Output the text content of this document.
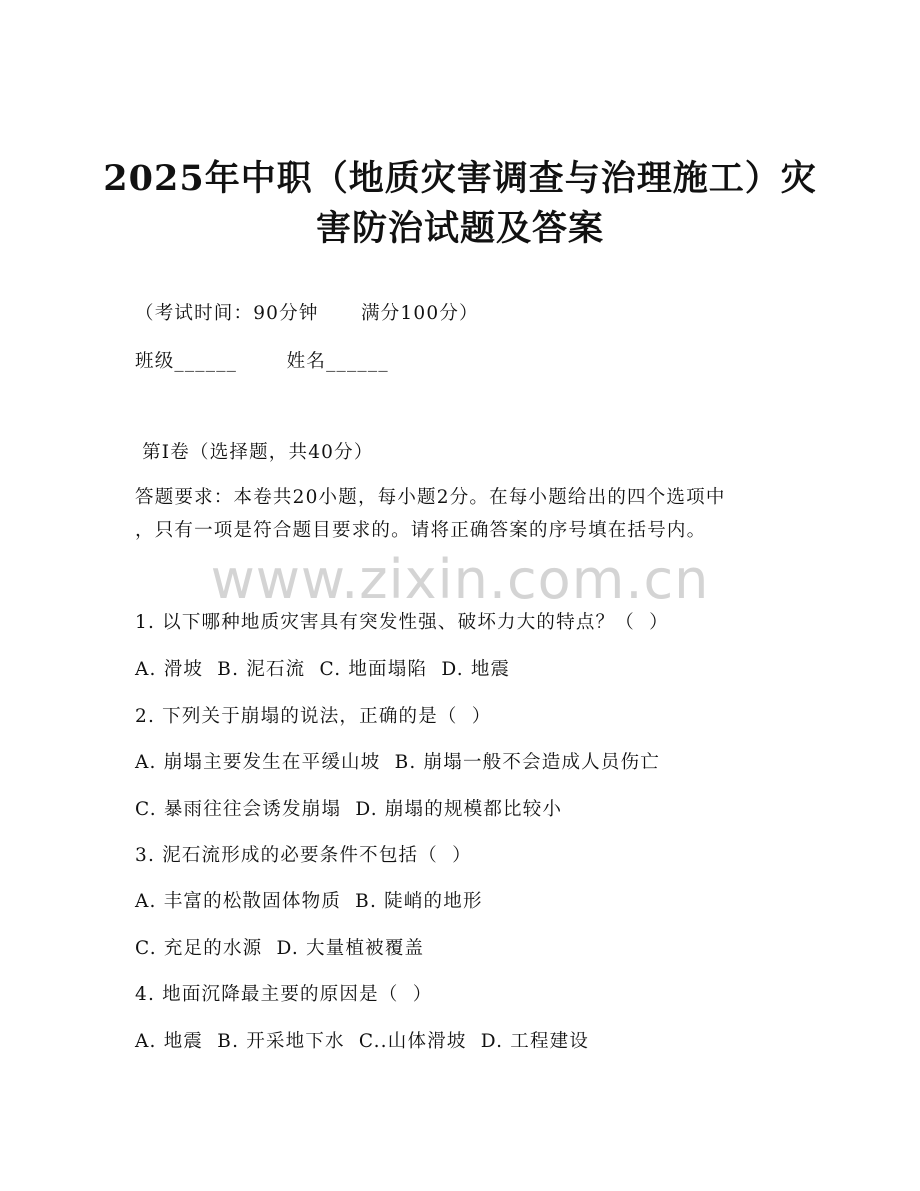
2025年中职（地质灾害调查与治理施工）灾
害防治试题及答案
（考试时间：90分钟      满分100分）
班级______       姓名______
第Ⅰ卷（选择题，共40分）
答题要求：本卷共20小题，每小题2分。在每小题给出的四个选项中
，只有一项是符合题目要求的。请将正确答案的序号填在括号内。
www.zixin.com.cn
1. 以下哪种地质灾害具有突发性强、破坏力大的特点？（  ）
A. 滑坡  B. 泥石流  C. 地面塌陷  D. 地震
2. 下列关于崩塌的说法，正确的是（  ）
A. 崩塌主要发生在平缓山坡  B. 崩塌一般不会造成人员伤亡
C. 暴雨往往会诱发崩塌  D. 崩塌的规模都比较小
3. 泥石流形成的必要条件不包括（  ）
A. 丰富的松散固体物质  B. 陡峭的地形
C. 充足的水源  D. 大量植被覆盖
4. 地面沉降最主要的原因是（  ）
A. 地震  B. 开采地下水  C..山体滑坡  D. 工程建设
